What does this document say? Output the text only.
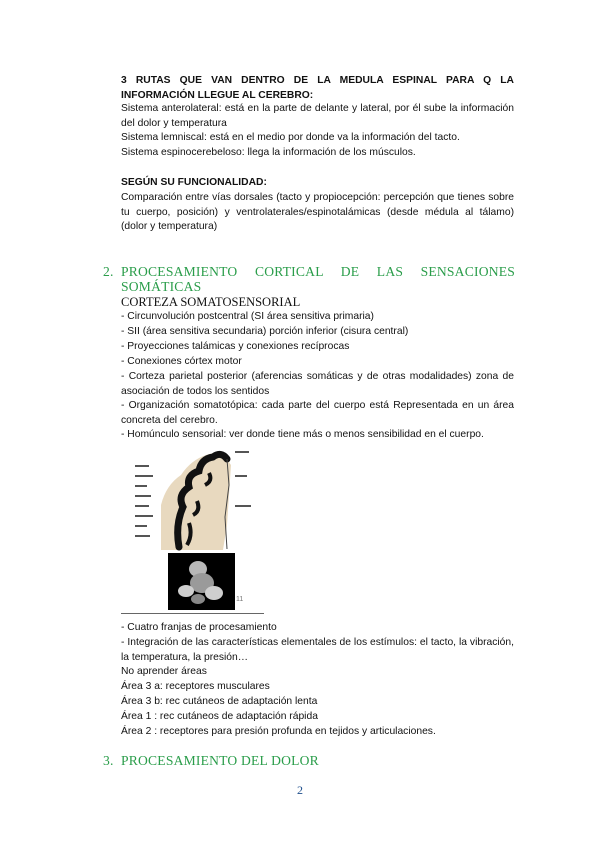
3 RUTAS QUE VAN DENTRO DE LA MEDULA ESPINAL PARA Q LA INFORMACIÓN LLEGUE AL CEREBRO:
Sistema anterolateral: está en la parte de delante y lateral, por él sube la información del dolor y temperatura
Sistema lemniscal: está en el medio por donde va la información del tacto.
Sistema espinocerebeloso: llega la información de los músculos.
SEGÚN SU FUNCIONALIDAD:
Comparación entre vías dorsales (tacto y propiocepción: percepción que tienes sobre tu cuerpo, posición) y ventrolaterales/espinotalámicas (desde médula al tálamo) (dolor y temperatura)
2. PROCESAMIENTO CORTICAL DE LAS SENSACIONES
SOMÁTICAS
CORTEZA SOMATOSENSORIAL
- Circunvolución postcentral (SI área sensitiva primaria)
- SII (área sensitiva secundaria) porción inferior (cisura central)
- Proyecciones talámicas y conexiones recíprocas
- Conexiones córtex motor
- Corteza parietal posterior (aferencias somáticas y de otras modalidades) zona de asociación de todos los sentidos
- Organización somatotópica: cada parte del cuerpo está Representada en un área concreta del cerebro.
- Homúnculo sensorial: ver donde tiene más o menos sensibilidad en el cuerpo.
11
- Cuatro franjas de procesamiento
- Integración de las características elementales de los estímulos: el tacto, la vibración, la temperatura, la presión…
No aprender áreas
Área 3 a: receptores musculares
Área 3 b: rec cutáneos de adaptación lenta
Área 1 : rec cutáneos de adaptación rápida
Área 2 : receptores para presión profunda en tejidos y articulaciones.
3. PROCESAMIENTO DEL DOLOR
2
